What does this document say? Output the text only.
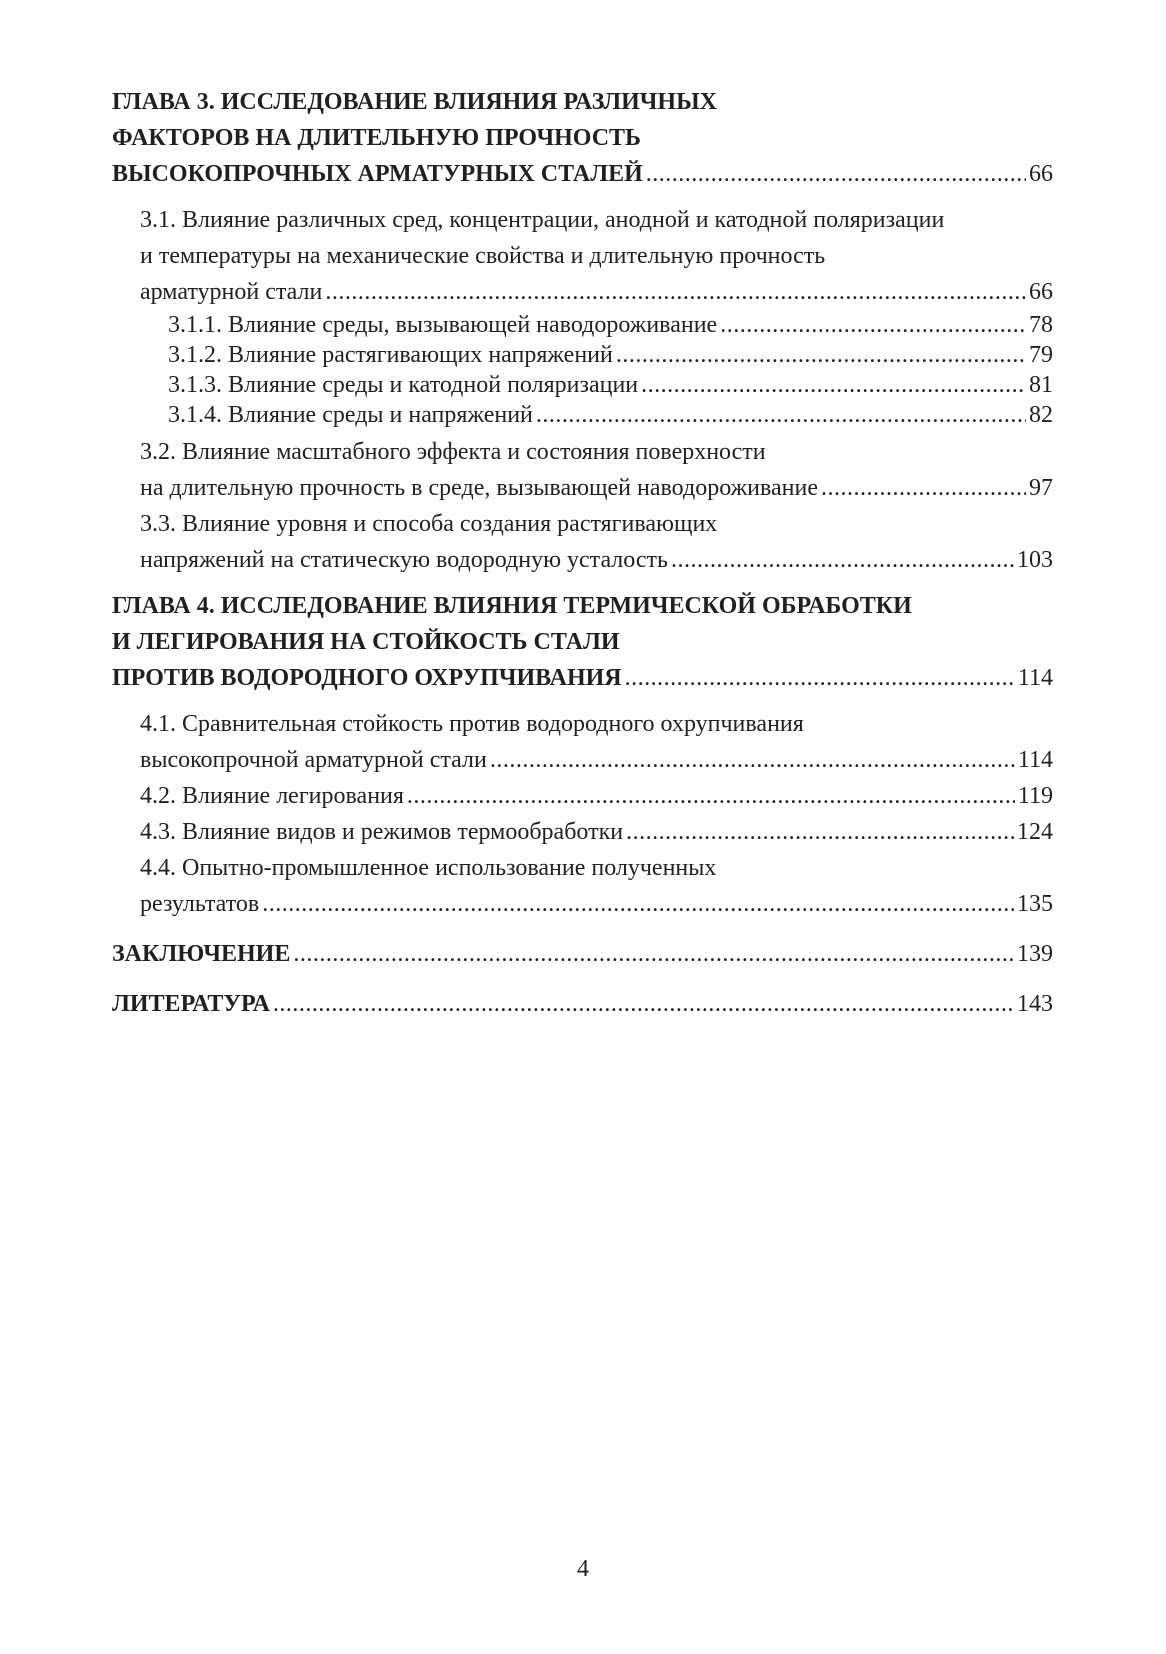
ГЛАВА 3. ИССЛЕДОВАНИЕ ВЛИЯНИЯ РАЗЛИЧНЫХ
ФАКТОРОВ НА ДЛИТЕЛЬНУЮ ПРОЧНОСТЬ
ВЫСОКОПРОЧНЫХ АРМАТУРНЫХ СТАЛЕЙ .....	66
3.1. Влияние различных сред, концентрации, анодной и катодной поляризации
и температуры на механические свойства и длительную прочность
арматурной стали .....	66
3.1.1. Влияние среды, вызывающей наводороживание .....	78
3.1.2. Влияние растягивающих напряжений .....	79
3.1.3. Влияние среды и катодной поляризации .....	81
3.1.4. Влияние среды и напряжений .....	82
3.2. Влияние масштабного эффекта и состояния поверхности
на длительную прочность в среде, вызывающей наводороживание .....	97
3.3. Влияние уровня и способа создания растягивающих
напряжений на статическую водородную усталость .....	103
ГЛАВА 4. ИССЛЕДОВАНИЕ ВЛИЯНИЯ ТЕРМИЧЕСКОЙ ОБРАБОТКИ
И ЛЕГИРОВАНИЯ НА СТОЙКОСТЬ СТАЛИ
ПРОТИВ ВОДОРОДНОГО ОХРУПЧИВАНИЯ .....	114
4.1. Сравнительная стойкость против водородного охрупчивания
высокопрочной арматурной стали .....	114
4.2. Влияние легирования .....	119
4.3. Влияние видов и режимов термообработки .....	124
4.4. Опытно-промышленное использование полученных
результатов .....	135
ЗАКЛЮЧЕНИЕ .....	139
ЛИТЕРАТУРА .....	143
4
